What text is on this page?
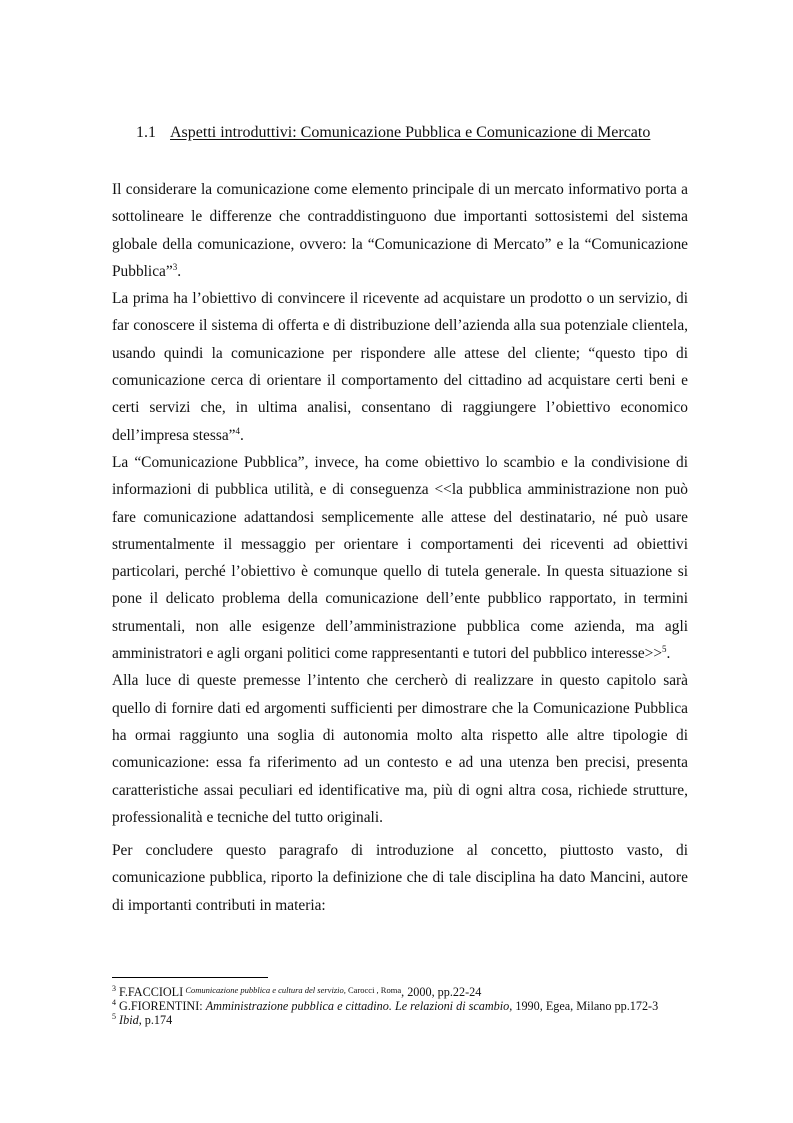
1.1 Aspetti introduttivi: Comunicazione Pubblica e Comunicazione di Mercato

Il considerare la comunicazione come elemento principale di un mercato informativo porta a sottolineare le differenze che contraddistinguono due importanti sottosistemi del sistema globale della comunicazione, ovvero: la “Comunicazione di Mercato” e la “Comunicazione Pubblica”$^3$.

La prima ha l’obiettivo di convincere il ricevente ad acquistare un prodotto o un servizio, di far conoscere il sistema di offerta e di distribuzione dell’azienda alla sua potenziale clientela, usando quindi la comunicazione per rispondere alle attese del cliente; “questo tipo di comunicazione cerca di orientare il comportamento del cittadino ad acquistare certi beni e certi servizi che, in ultima analisi, consentano di raggiungere l’obiettivo economico dell’impresa stessa”$^4$.

La “Comunicazione Pubblica”, invece, ha come obiettivo lo scambio e la condivisione di informazioni di pubblica utilità, e di conseguenza <<la pubblica amministrazione non può fare comunicazione adattandosi semplicemente alle attese del destinatario, né può usare strumentalmente il messaggio per orientare i comportamenti dei riceventi ad obiettivi particolari, perché l’obiettivo è comunque quello di tutela generale. In questa situazione si pone il delicato problema della comunicazione dell’ente pubblico rapportato, in termini strumentali, non alle esigenze dell’amministrazione pubblica come azienda, ma agli amministratori e agli organi politici come rappresentanti e tutori del pubblico interesse>>$^5$.

Alla luce di queste premesse l’intento che cercherò di realizzare in questo capitolo sarà quello di fornire dati ed argomenti sufficienti per dimostrare che la Comunicazione Pubblica ha ormai raggiunto una soglia di autonomia molto alta rispetto alle altre tipologie di comunicazione: essa fa riferimento ad un contesto e ad una utenza ben precisi, presenta caratteristiche assai peculiari ed identificative ma, più di ogni altra cosa, richiede strutture, professionalità e tecniche del tutto originali.

Per concludere questo paragrafo di introduzione al concetto, piuttosto vasto, di comunicazione pubblica, riporto la definizione che di tale disciplina ha dato Mancini, autore di importanti contributi in materia:

$^3$ F.FACCIOLI $^{Comunicazione pubblica e cultura del servizio, Carocci , Roma}$, 2000, pp.22-24

$^4$ G.FIORENTINI: Amministrazione pubblica e cittadino. Le relazioni di scambio, 1990, Egea, Milano pp.172-3

$^5$ Ibid, p.174
